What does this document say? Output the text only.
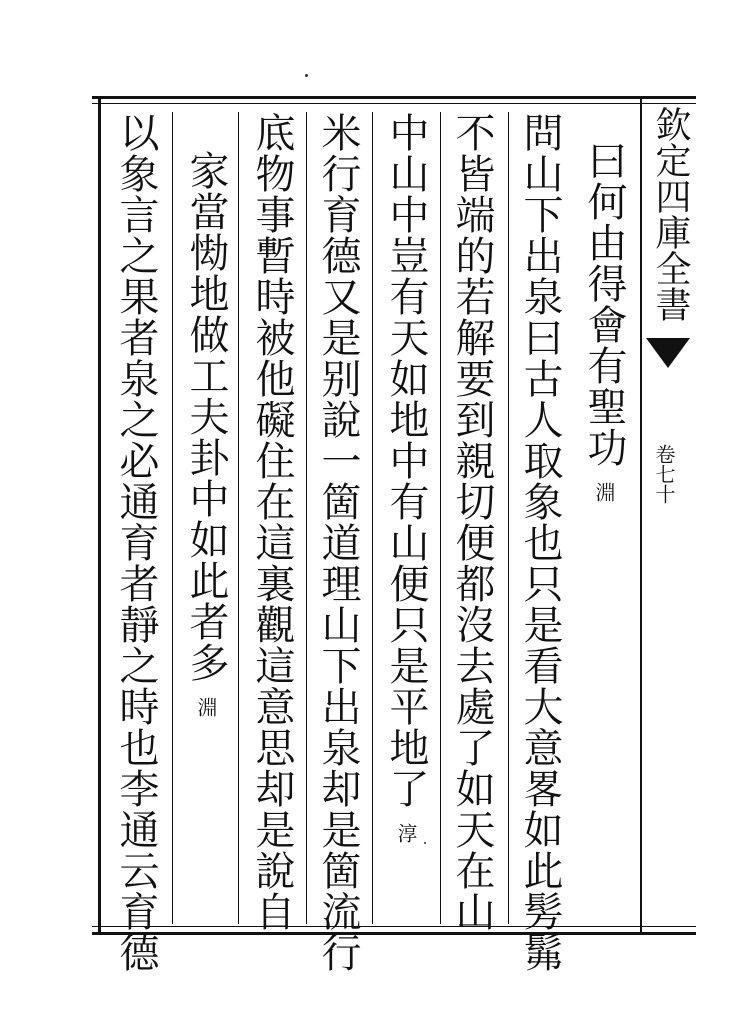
欽定四庫全書
卷七十
曰何由得會有聖功淵
問山下出泉曰古人取象也只是看大意畧如此髣髴
不皆端的若解要到親切便都沒去處了如天在山
中山中豈有天如地中有山便只是平地了淳
米行育德又是别說一箇道理山下出泉却是箇流行
底物事暫時被他礙住在這裏觀這意思却是說自
家當㤼地做工夫卦中如此者多淵
以象言之果者泉之必通育者靜之時也李通云育德
